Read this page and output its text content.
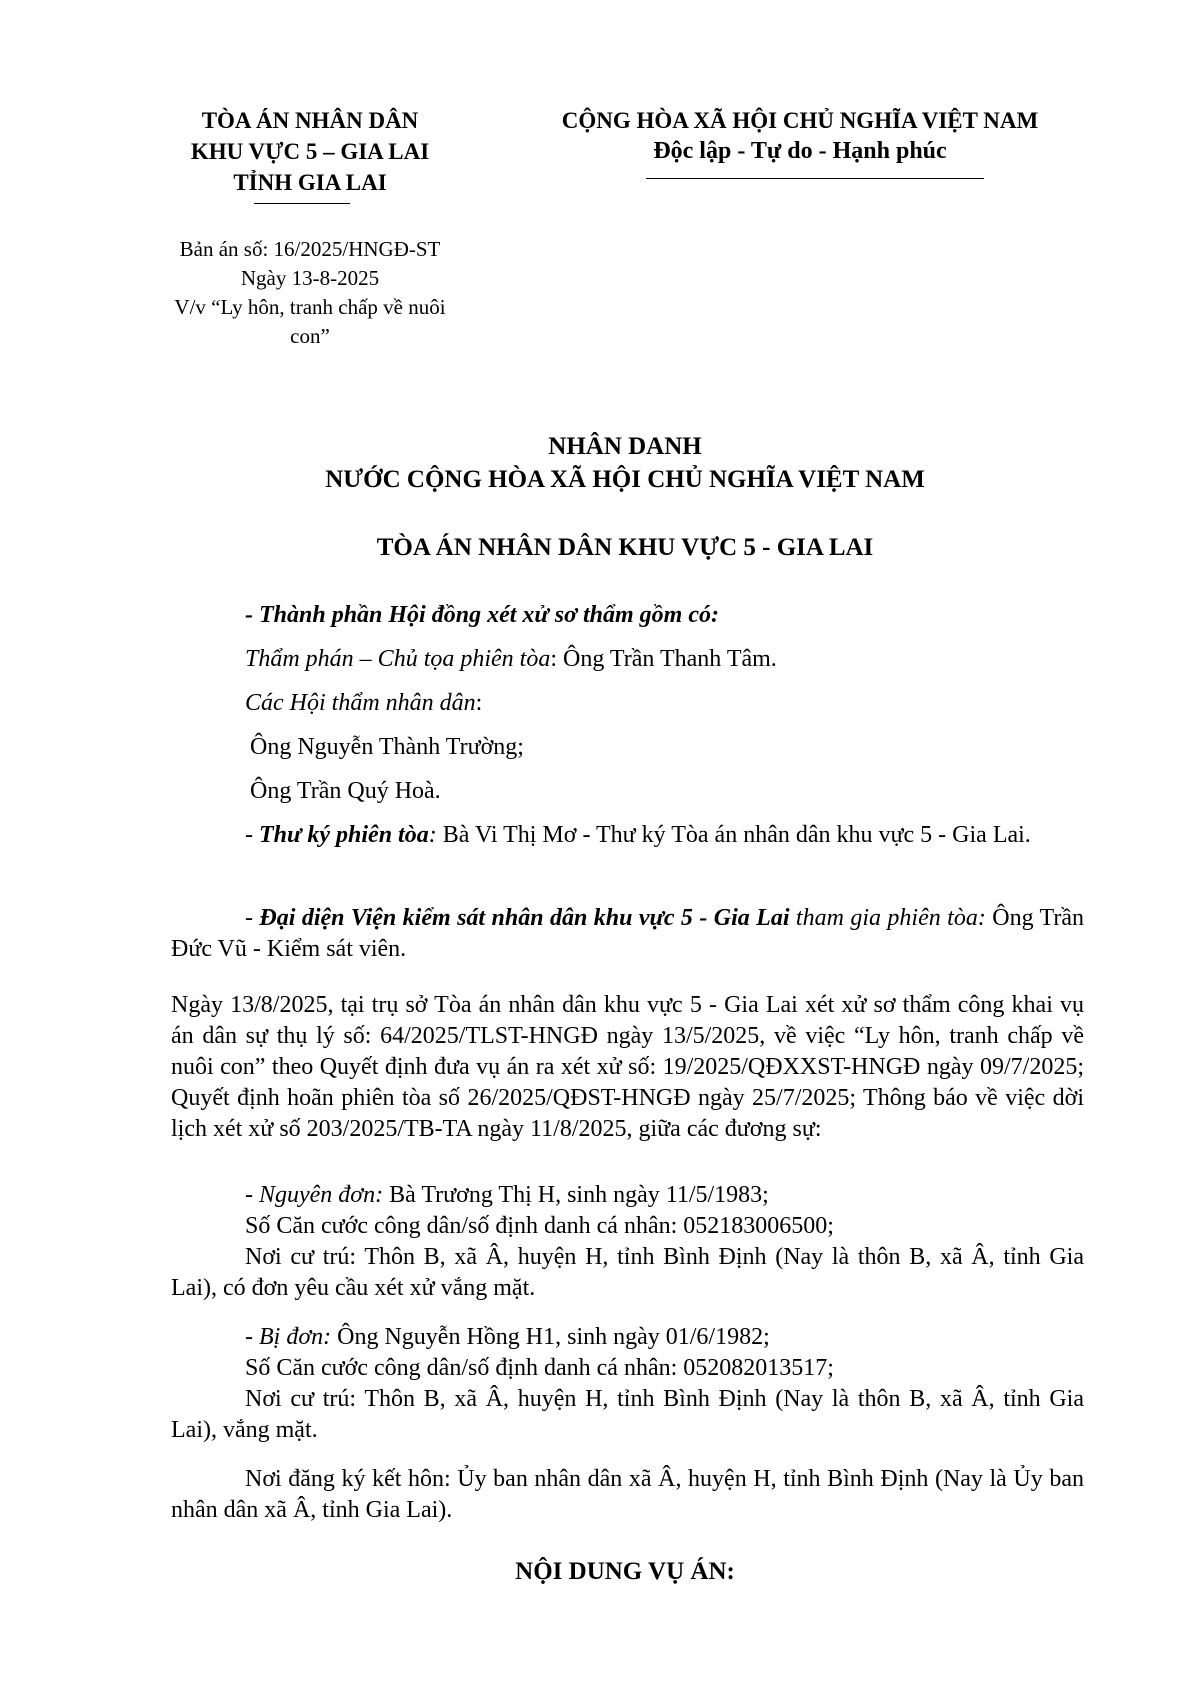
TÒA ÁN NHÂN DÂN
KHU VỰC 5 – GIA LAI
TỈNH GIA LAI
CỘNG HÒA XÃ HỘI CHỦ NGHĨA VIỆT NAM
Độc lập - Tự do - Hạnh phúc
Bản án số: 16/2025/HNGĐ-ST
Ngày 13-8-2025
V/v “Ly hôn, tranh chấp về nuôi
con”
NHÂN DANH
NƯỚC CỘNG HÒA XÃ HỘI CHỦ NGHĨA VIỆT NAM
TÒA ÁN NHÂN DÂN KHU VỰC 5 - GIA LAI
- Thành phần Hội đồng xét xử sơ thẩm gồm có:
Thẩm phán – Chủ tọa phiên tòa: Ông Trần Thanh Tâm.
Các Hội thẩm nhân dân:
Ông Nguyễn Thành Trường;
Ông Trần Quý Hoà.
- Thư ký phiên tòa: Bà Vi Thị Mơ - Thư ký Tòa án nhân dân khu vực 5 - Gia Lai.
- Đại diện Viện kiểm sát nhân dân khu vực 5 - Gia Lai tham gia phiên tòa: Ông Trần Đức Vũ - Kiểm sát viên.
Ngày 13/8/2025, tại trụ sở Tòa án nhân dân khu vực 5 - Gia Lai xét xử sơ thẩm công khai vụ án dân sự thụ lý số: 64/2025/TLST-HNGĐ ngày 13/5/2025, về việc “Ly hôn, tranh chấp về nuôi con” theo Quyết định đưa vụ án ra xét xử số: 19/2025/QĐXXST-HNGĐ ngày 09/7/2025; Quyết định hoãn phiên tòa số 26/2025/QĐST-HNGĐ ngày 25/7/2025; Thông báo về việc dời lịch xét xử số 203/2025/TB-TA ngày 11/8/2025, giữa các đương sự:
- Nguyên đơn: Bà Trương Thị H, sinh ngày 11/5/1983;
Số Căn cước công dân/số định danh cá nhân: 052183006500;
Nơi cư trú: Thôn B, xã Â, huyện H, tỉnh Bình Định (Nay là thôn B, xã Â, tỉnh Gia Lai), có đơn yêu cầu xét xử vắng mặt.
- Bị đơn: Ông Nguyễn Hồng H1, sinh ngày 01/6/1982;
Số Căn cước công dân/số định danh cá nhân: 052082013517;
Nơi cư trú: Thôn B, xã Â, huyện H, tỉnh Bình Định (Nay là thôn B, xã Â, tỉnh Gia Lai), vắng mặt.
Nơi đăng ký kết hôn: Ủy ban nhân dân xã Â, huyện H, tỉnh Bình Định (Nay là Ủy ban nhân dân xã Â, tỉnh Gia Lai).
NỘI DUNG VỤ ÁN:
